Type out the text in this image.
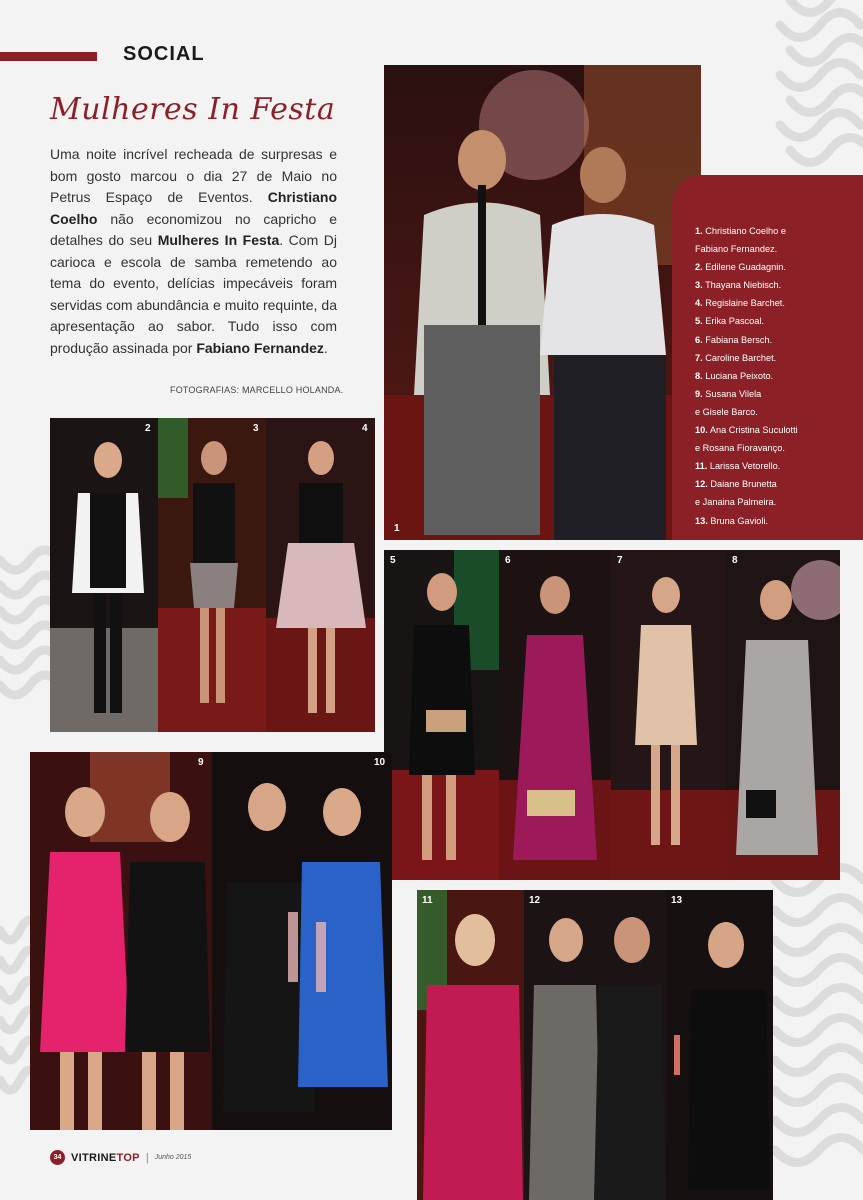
SOCIAL
Mulheres In Festa

Uma noite incrível recheada de surpresas e bom gosto marcou o dia 27 de Maio no Petrus Espaço de Eventos. Christiano Coelho não economizou no capricho e detalhes do seu Mulheres In Festa. Com Dj carioca e escola de samba remetendo ao tema do evento, delícias impecáveis foram servidas com abundância e muito requinte, da apresentação ao sabor. Tudo isso com produção assinada por Fabiano Fernandez.

FOTOGRAFIAS: MARCELLO HOLANDA.
1
1. Christiano Coelho e
Fabiano Fernandez.
2. Edilene Guadagnin.
3. Thayana Niebisch.
4. Regislaine Barchet.
5. Erika Pascoal.
6. Fabiana Bersch.
7. Caroline Barchet.
8. Luciana Peixoto.
9. Susana Vilela
e Gisele Barco.
10. Ana Cristina Suculotti
e Rosana Fioravanço.
11. Larissa Vetorello.
12. Daiane Brunetta
e Janaina Palmeira.
13. Bruna Gavioli.
2	3	4
5	6	7	8
9	10
11	12	13
34 VITRINETOP | Junho 2015
